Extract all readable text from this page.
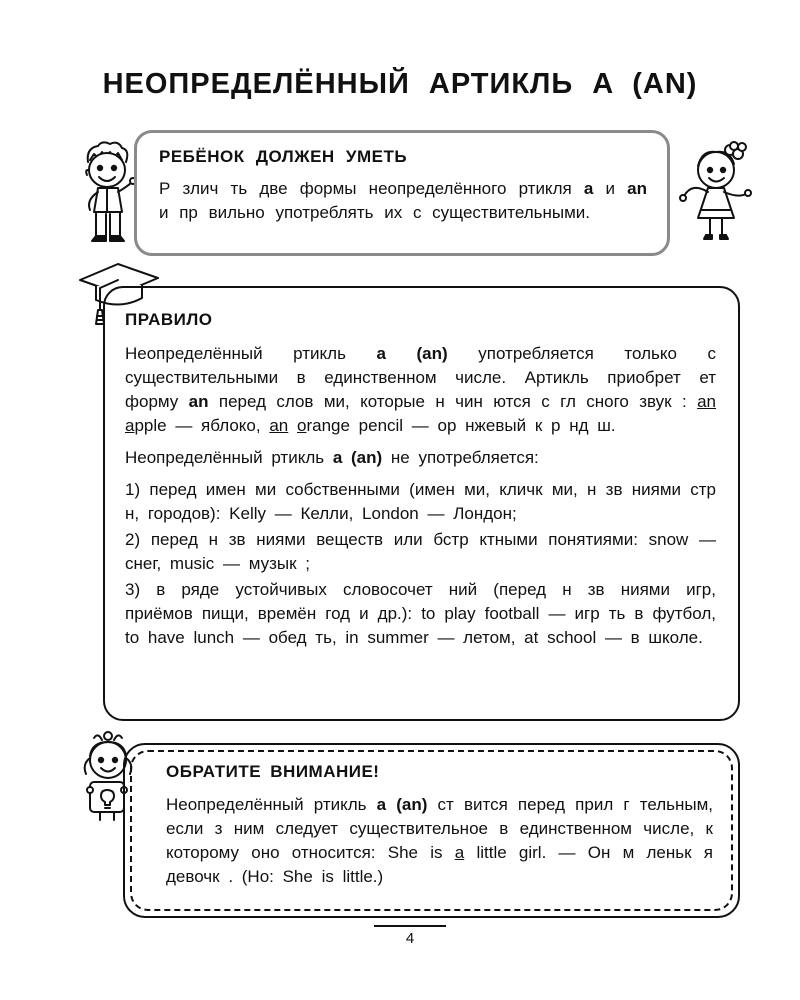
НЕОПРЕДЕЛЁННЫЙ АРТИКЛЬ A (AN)
РЕБЁНОК ДОЛЖЕН УМЕТЬ
Р злич ть две формы неопределённого ртикля a и an и пр вильно употреблять их с существительными.
ПРАВИЛО
Неопределённый ртикль a (an) употребляется только с существительными в единственном числе. Артикль приобрет ет форму an перед слов ми, которые н чин ются с гл сного звук : an apple — яблоко, an orange pencil — ор нжевый к р нд ш.
Неопределённый ртикль a (an) не употребляется:
1) перед имен ми собственными (имен ми, кличк ми, н зв ниями стр н, городов): Kelly — Келли, London — Лондон;
2) перед н зв ниями веществ или бстр ктными понятиями: snow — снег, music — музык ;
3) в ряде устойчивых словосочет ний (перед н зв ниями игр, приёмов пищи, времён год и др.): to play football — игр ть в футбол, to have lunch — обед ть, in summer — летом, at school — в школе.
ОБРАТИТЕ ВНИМАНИЕ!
Неопределённый ртикль a (an) ст вится перед прил г тельным, если з ним следует существительное в единственном числе, к которому оно относится: She is a little girl. — Он м леньк я девочк . (Но: She is little.)
4
